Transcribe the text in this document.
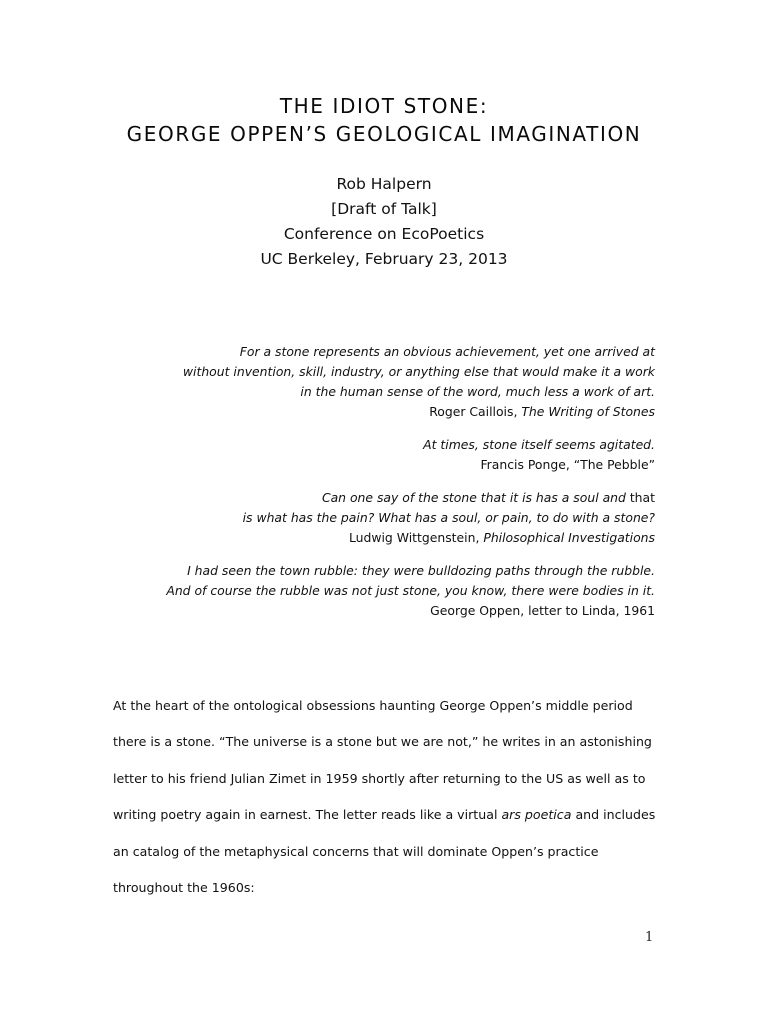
THE IDIOT STONE:
GEORGE OPPEN’S GEOLOGICAL IMAGINATION
Rob Halpern
[Draft of Talk]
Conference on EcoPoetics
UC Berkeley, February 23, 2013
For a stone represents an obvious achievement, yet one arrived at
without invention, skill, industry, or anything else that would make it a work
in the human sense of the word, much less a work of art.
Roger Caillois, The Writing of Stones
At times, stone itself seems agitated.
Francis Ponge, “The Pebble”
Can one say of the stone that it is has a soul and that
is what has the pain? What has a soul, or pain, to do with a stone?
Ludwig Wittgenstein, Philosophical Investigations
I had seen the town rubble: they were bulldozing paths through the rubble.
And of course the rubble was not just stone, you know, there were bodies in it.
George Oppen, letter to Linda, 1961
At the heart of the ontological obsessions haunting George Oppen’s middle period
there is a stone. “The universe is a stone but we are not,” he writes in an astonishing
letter to his friend Julian Zimet in 1959 shortly after returning to the US as well as to
writing poetry again in earnest. The letter reads like a virtual ars poetica and includes
an catalog of the metaphysical concerns that will dominate Oppen’s practice
throughout the 1960s:
1
